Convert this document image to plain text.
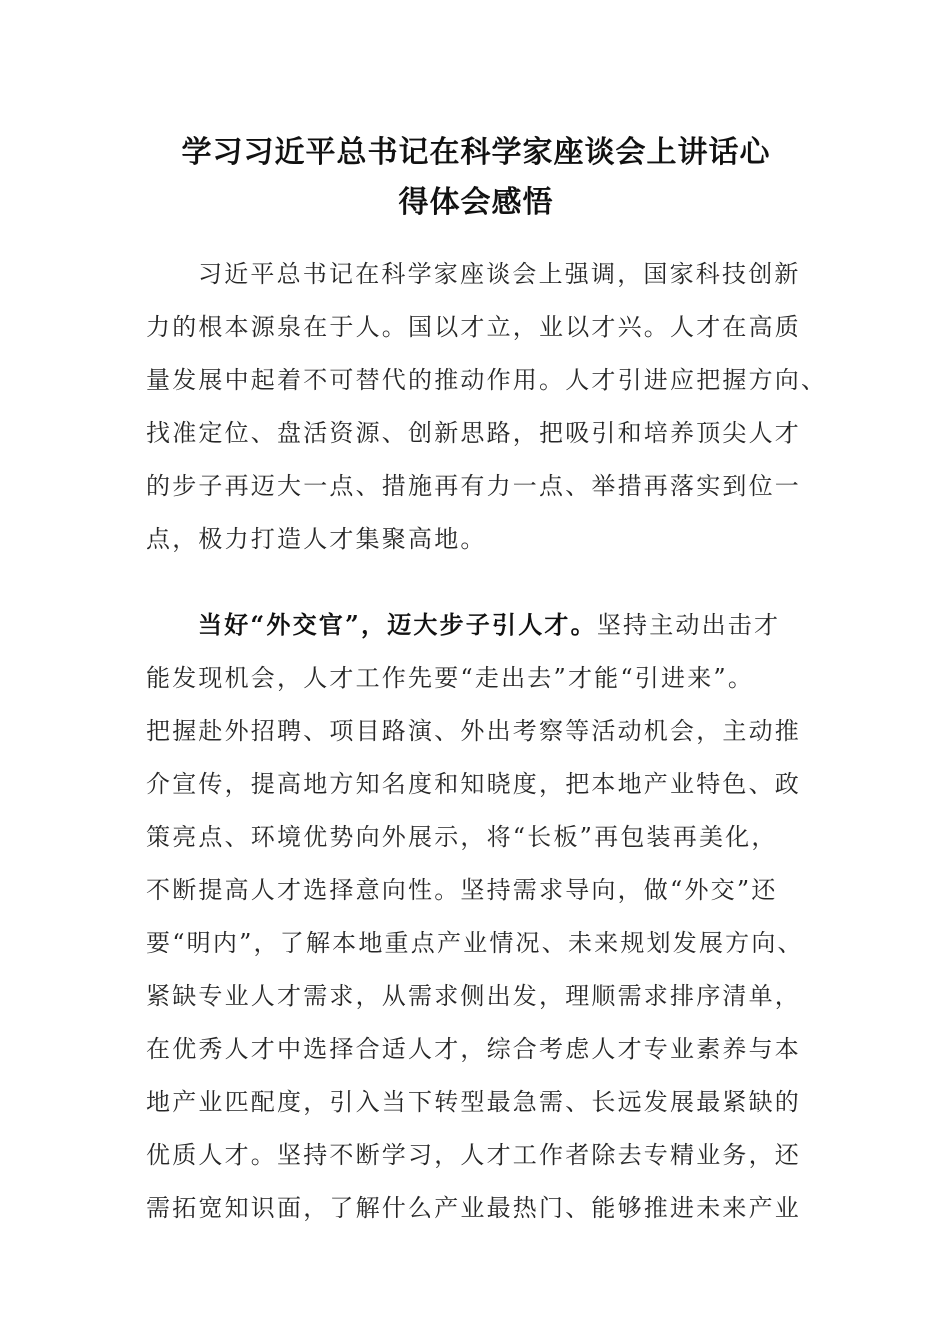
学习习近平总书记在科学家座谈会上讲话心
得体会感悟
习近平总书记在科学家座谈会上强调，国家科技创新
力的根本源泉在于人。国以才立，业以才兴。人才在高质
量发展中起着不可替代的推动作用。人才引进应把握方向、
找准定位、盘活资源、创新思路，把吸引和培养顶尖人才
的步子再迈大一点、措施再有力一点、举措再落实到位一
点，极力打造人才集聚高地。
当好“外交官”，迈大步子引人才。坚持主动出击才
能发现机会，人才工作先要“走出去”才能“引进来”。
把握赴外招聘、项目路演、外出考察等活动机会，主动推
介宣传，提高地方知名度和知晓度，把本地产业特色、政
策亮点、环境优势向外展示，将“长板”再包装再美化，
不断提高人才选择意向性。坚持需求导向，做“外交”还
要“明内”，了解本地重点产业情况、未来规划发展方向、
紧缺专业人才需求，从需求侧出发，理顺需求排序清单，
在优秀人才中选择合适人才，综合考虑人才专业素养与本
地产业匹配度，引入当下转型最急需、长远发展最紧缺的
优质人才。坚持不断学习，人才工作者除去专精业务，还
需拓宽知识面，了解什么产业最热门、能够推进未来产业
